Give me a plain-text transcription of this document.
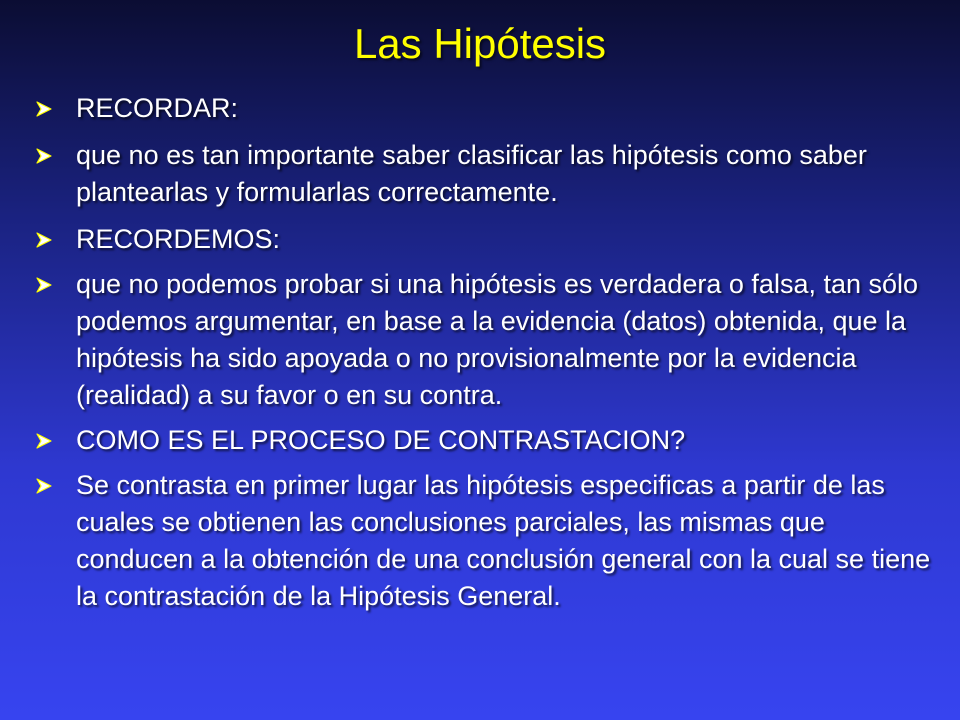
Las Hipótesis
RECORDAR:
que no es tan importante saber clasificar las hipótesis como saber plantearlas y formularlas correctamente.
RECORDEMOS:
que no podemos probar si una hipótesis es verdadera o falsa, tan sólo podemos argumentar, en base a la evidencia (datos) obtenida, que la hipótesis ha sido apoyada o no provisionalmente por la evidencia (realidad) a su favor o en su contra.
COMO ES EL PROCESO DE CONTRASTACION?
Se contrasta en primer lugar las hipótesis especificas a partir de las cuales se obtienen las conclusiones parciales, las mismas que conducen a la obtención de una conclusión general con la cual se tiene la contrastación de la Hipótesis General.
